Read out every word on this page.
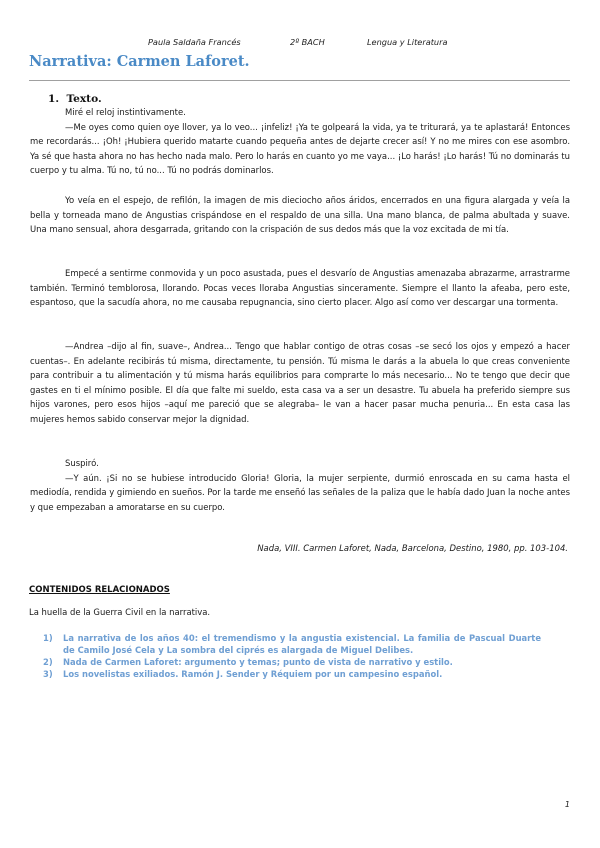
Paula Saldaña Francés	2º BACH	Lengua y Literatura
Narrativa: Carmen Laforet.
1. Texto.

Miré el reloj instintivamente.

—Me oyes como quien oye llover, ya lo veo... ¡infeliz! ¡Ya te golpeará la vida, ya te triturará, ya te aplastará! Entonces me recordarás... ¡Oh! ¡Hubiera querido matarte cuando pequeña antes de dejarte crecer así! Y no me mires con ese asombro. Ya sé que hasta ahora no has hecho nada malo. Pero lo harás en cuanto yo me vaya... ¡Lo harás! ¡Lo harás! Tú no dominarás tu cuerpo y tu alma. Tú no, tú no... Tú no podrás dominarlos.

Yo veía en el espejo, de refilón, la imagen de mis dieciocho años áridos, encerrados en una figura alargada y veía la bella y torneada mano de Angustias crispándose en el respaldo de una silla. Una mano blanca, de palma abultada y suave. Una mano sensual, ahora desgarrada, gritando con la crispación de sus dedos más que la voz excitada de mi tía.

Empecé a sentirme conmovida y un poco asustada, pues el desvarío de Angustias amenazaba abrazarme, arrastrarme también. Terminó temblorosa, llorando. Pocas veces lloraba Angustias sinceramente. Siempre el llanto la afeaba, pero este, espantoso, que la sacudía ahora, no me causaba repugnancia, sino cierto placer. Algo así como ver descargar una tormenta.

—Andrea –dijo al fin, suave–, Andrea... Tengo que hablar contigo de otras cosas –se secó los ojos y empezó a hacer cuentas–. En adelante recibirás tú misma, directamente, tu pensión. Tú misma le darás a la abuela lo que creas conveniente para contribuir a tu alimentación y tú misma harás equilibrios para comprarte lo más necesario... No te tengo que decir que gastes en ti el mínimo posible. El día que falte mi sueldo, esta casa va a ser un desastre. Tu abuela ha preferido siempre sus hijos varones, pero esos hijos –aquí me pareció que se alegraba– le van a hacer pasar mucha penuria... En esta casa las mujeres hemos sabido conservar mejor la dignidad.

Suspiró.

—Y aún. ¡Si no se hubiese introducido Gloria! Gloria, la mujer serpiente, durmió enroscada en su cama hasta el mediodía, rendida y gimiendo en sueños. Por la tarde me enseñó las señales de la paliza que le había dado Juan la noche antes y que empezaban a amoratarse en su cuerpo.

Nada, VIII. Carmen Laforet, Nada, Barcelona, Destino, 1980, pp. 103-104.

CONTENIDOS RELACIONADOS

La huella de la Guerra Civil en la narrativa.

1) La narrativa de los años 40: el tremendismo y la angustia existencial. La familia de Pascual Duarte de Camilo José Cela y La sombra del ciprés es alargada de Miguel Delibes.
2) Nada de Carmen Laforet: argumento y temas; punto de vista de narrativo y estilo.
3) Los novelistas exiliados. Ramón J. Sender y Réquiem por un campesino español.
1
